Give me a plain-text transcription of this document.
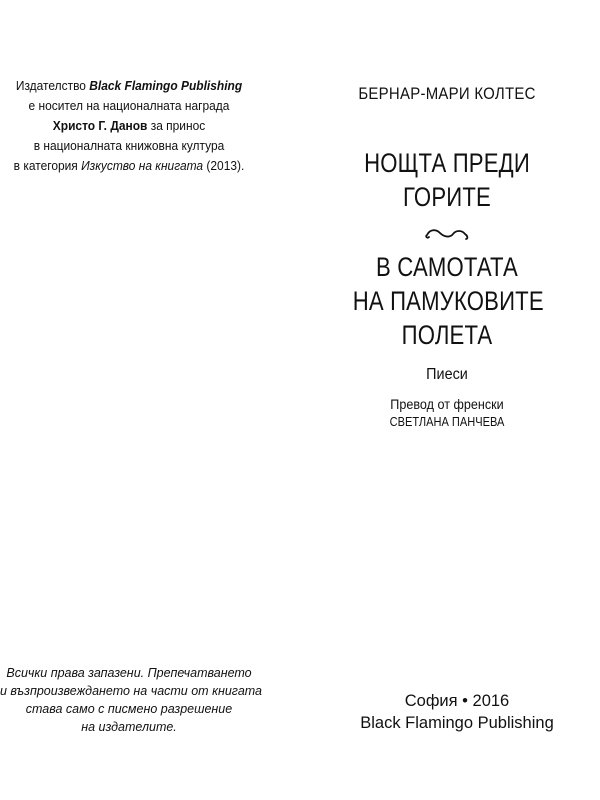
Издателство Black Flamingo Publishing
е носител на националната награда
Христо Г. Данов за принос
в националната книжовна култура
в категория Изкуство на книгата (2013).
Всички права запазени. Препечатването
и възпроизвеждането на части от книгата
става само с писмено разрешение
на издателите.
БЕРНАР-МАРИ КОЛТЕС
НОЩТА ПРЕДИ
ГОРИТЕ
В САМОТАТА
НА ПАМУКОВИТЕ
ПОЛЕТА
Пиеси
Превод от френски
СВЕТЛАНА ПАНЧЕВА
София • 2016
Black Flamingo Publishing
